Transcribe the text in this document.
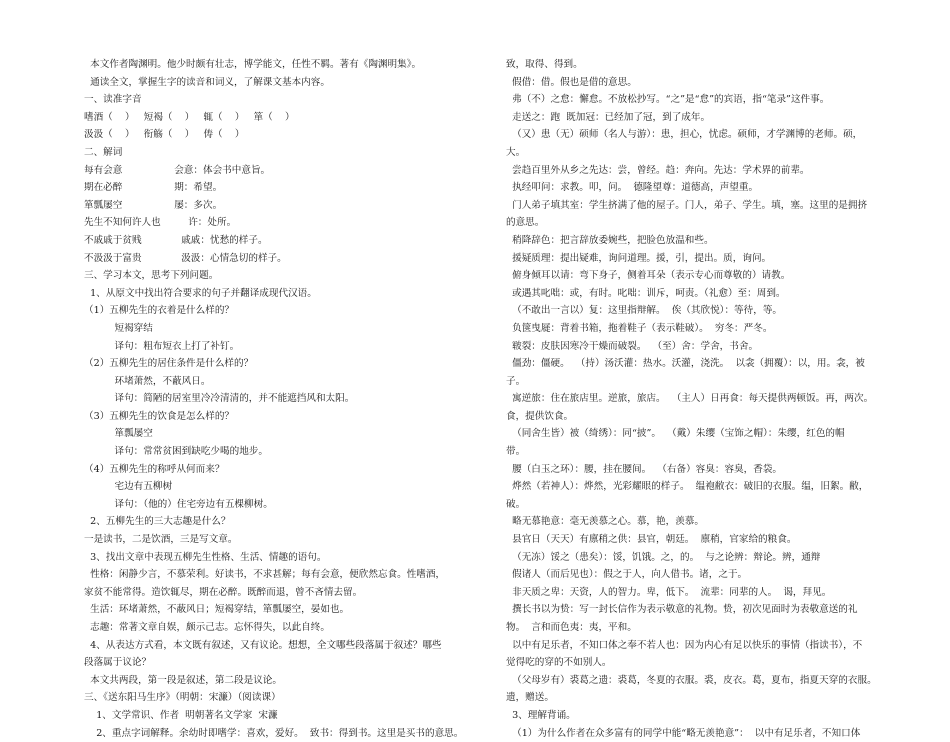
本文作者陶渊明。他少时颇有壮志，博学能文，任性不羁。著有《陶渊明集》。
通读全文，掌握生字的读音和词义，了解课文基本内容。
一、读准字音
嗜酒（    ）   短褐（    ）   辄（    ）   箪（    ）
汲汲（    ）   衔觞（    ）   俦（    ）
二、解词
每有会意                 会意：体会书中意旨。
期在必醉                 期：希望。
箪瓢屡空                 屡：多次。
先生不知何许人也         许：处所。
不戚戚于贫贱             戚戚：忧愁的样子。
不汲汲于富贵             汲汲：心情急切的样子。
三、学习本文，思考下列问题。
1、从原文中找出符合要求的句子并翻译成现代汉语。
（1）五柳先生的衣着是什么样的？
短褐穿结
译句：粗布短衣上打了补钉。
（2）五柳先生的居住条件是什么样的？
环堵萧然，不蔽风日。
译句：简陋的居室里冷冷清清的，并不能遮挡风和太阳。
（3）五柳先生的饮食是怎么样的？
箪瓢屡空
译句：常常贫困到缺吃少喝的地步。
（4）五柳先生的称呼从何而来？
宅边有五柳树
译句：（他的）住宅旁边有五棵柳树。
2、五柳先生的三大志趣是什么？
一是读书，二是饮酒，三是写文章。
3、找出文章中表现五柳先生性格、生活、情趣的语句。
性格：闲静少言，不慕荣利。好读书，不求甚解；每有会意，便欣然忘食。性嗜酒，
家贫不能常得。造饮辄尽，期在必醉。既醉而退，曾不吝情去留。
生活：环堵萧然，不蔽风日；短褐穿结，箪瓢屡空，晏如也。
志趣：常著文章自娱，颇示己志。忘怀得失，以此自终。
4、从表达方式看，本文既有叙述，又有议论。想想，全文哪些段落属于叙述？哪些
段落属于议论？
本文共两段，第一段是叙述，第二段是议论。
三、《送东阳马生序》（明朝：宋濂）（阅读课）
1、文学常识、作者  明朝著名文学家  宋濂
2、重点字词解释。余幼时即嗜学：喜欢，爱好。  致书：得到书。这里是买书的意思。
致，取得、得到。
假借：借。假也是借的意思。
弗（不）之怠：懈怠。不放松抄写。“之”是“怠”的宾语，指“笔录”这件事。
走送之：跑  既加冠：已经加了冠，到了成年。
（又）患（无）硕师（名人与游）：患，担心，忧虑。硕师，才学渊博的老师。硕，
大。
尝趋百里外从乡之先达：尝，曾经。趋：奔向。先达：学术界的前辈。
执经叩问：求教。叩，问。  德隆望尊：道德高，声望重。
门人弟子填其室：学生挤满了他的屋子。门人，弟子、学生。填，塞。这里的是拥挤
的意思。
稍降辞色：把言辞放委婉些，把脸色放温和些。
援疑质理：提出疑难，询问道理。援，引，提出。质，询问。
俯身倾耳以请：弯下身子，侧着耳朵（表示专心而尊敬的）请教。
或遇其叱咄：或，有时。叱咄：训斥，呵责。（礼愈）至：周到。
（不敢出一言以）复：这里指辩解。  俟（其欣悦）：等待，等。
负箧曳屣：背着书箱，拖着鞋子（表示鞋破）。  穷冬：严冬。
皲裂：皮肤因寒冷干燥而破裂。  （至）舍：学舍，书舍。
僵劲：僵硬。  （持）汤沃灌：热水。沃灌，浇洗。  以衾（拥覆）：以，用。衾，被
子。
寓逆旅：住在旅店里。逆旅，旅店。  （主人）日再食：每天提供两顿饭。再，两次。
食，提供饮食。
（同舍生皆）被（绮绣）：同“披”。  （戴）朱缨（宝饰之帽）：朱缨，红色的帽
带。
腰（白玉之环）：腰，挂在腰间。  （右备）容臭：容臭，香袋。
烨然（若神人）：烨然，光彩耀眼的样子。  缊袍敝衣：破旧的衣服。缊，旧絮。敝，
破。
略无慕艳意：毫无羡慕之心。慕，艳，羡慕。
县官日（天天）有廪稍之供：县官，朝廷。  廪稍，官家给的粮食。
（无冻）馁之（患矣）：馁，饥饿。之，的。  与之论辨：辩论。辨，通辩
假诸人（而后见也）：假之于人，向人借书。诸，之于。
非天质之卑：天资，人的智力。卑，低下。  流辈：同辈的人。  谒，拜见。
撰长书以为贽：写一封长信作为表示敬意的礼物。贽，初次见面时为表敬意送的礼
物。  言和而色夷：夷，平和。
以中有足乐者，不知口体之奉不若人也：因为内心有足以快乐的事情（指读书），不
觉得吃的穿的不如别人。
（父母岁有）裘葛之遗：裘葛，冬夏的衣服。裘，皮衣。葛，夏布，指夏天穿的衣服。
遗，赠送。
3、理解背诵。
（1）为什么作者在众多富有的同学中能“略无羡艳意”：  以中有足乐者，不知口体
